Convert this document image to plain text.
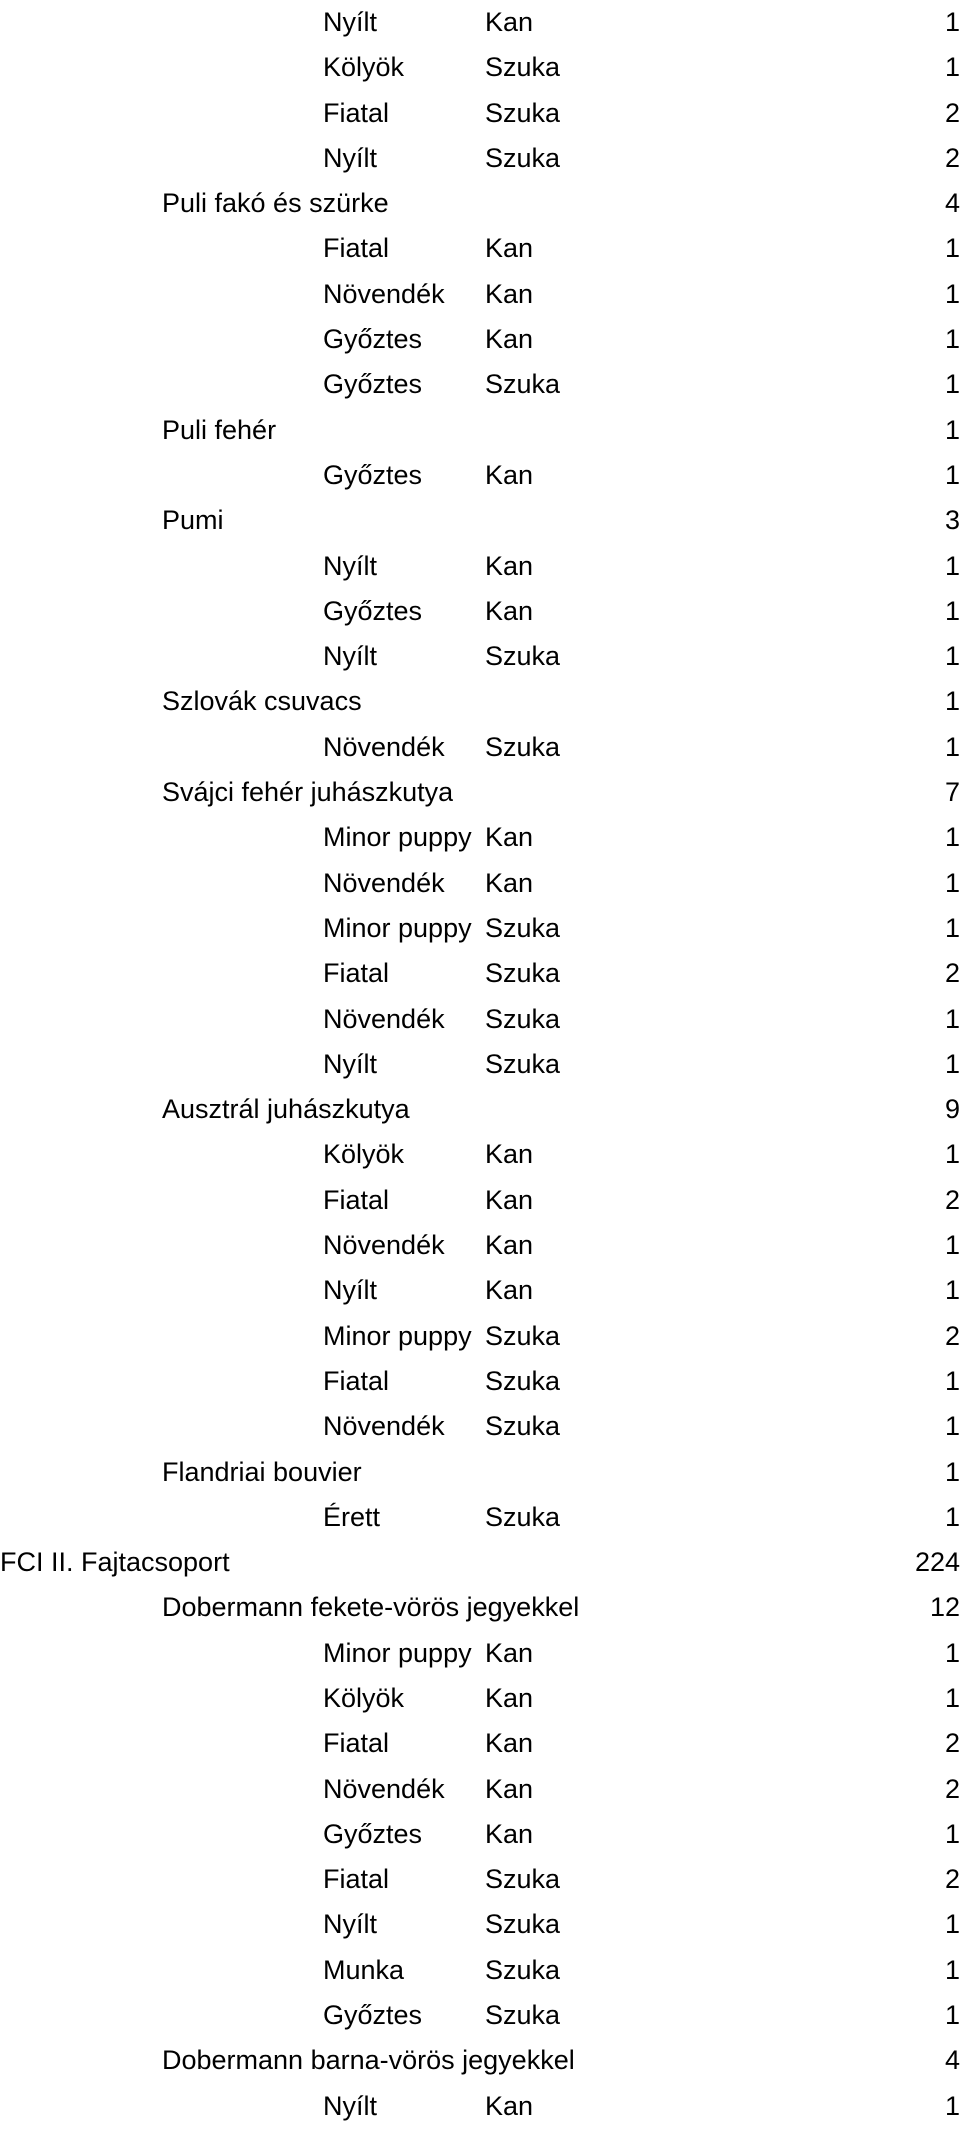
Nyílt	Kan	1
Kölyök	Szuka	1
Fiatal	Szuka	2
Nyílt	Szuka	2
Puli fakó és szürke	4
Fiatal	Kan	1
Növendék	Kan	1
Győztes	Kan	1
Győztes	Szuka	1
Puli fehér	1
Győztes	Kan	1
Pumi	3
Nyílt	Kan	1
Győztes	Kan	1
Nyílt	Szuka	1
Szlovák csuvacs	1
Növendék	Szuka	1
Svájci fehér juhászkutya	7
Minor puppy Kan	1
Növendék	Kan	1
Minor puppy Szuka	1
Fiatal	Szuka	2
Növendék	Szuka	1
Nyílt	Szuka	1
Ausztrál juhászkutya	9
Kölyök	Kan	1
Fiatal	Kan	2
Növendék	Kan	1
Nyílt	Kan	1
Minor puppy Szuka	2
Fiatal	Szuka	1
Növendék	Szuka	1
Flandriai bouvier	1
Érett	Szuka	1
FCI II. Fajtacsoport	224
Dobermann fekete-vörös jegyekkel	12
Minor puppy Kan	1
Kölyök	Kan	1
Fiatal	Kan	2
Növendék	Kan	2
Győztes	Kan	1
Fiatal	Szuka	2
Nyílt	Szuka	1
Munka	Szuka	1
Győztes	Szuka	1
Dobermann barna-vörös jegyekkel	4
Nyílt	Kan	1
